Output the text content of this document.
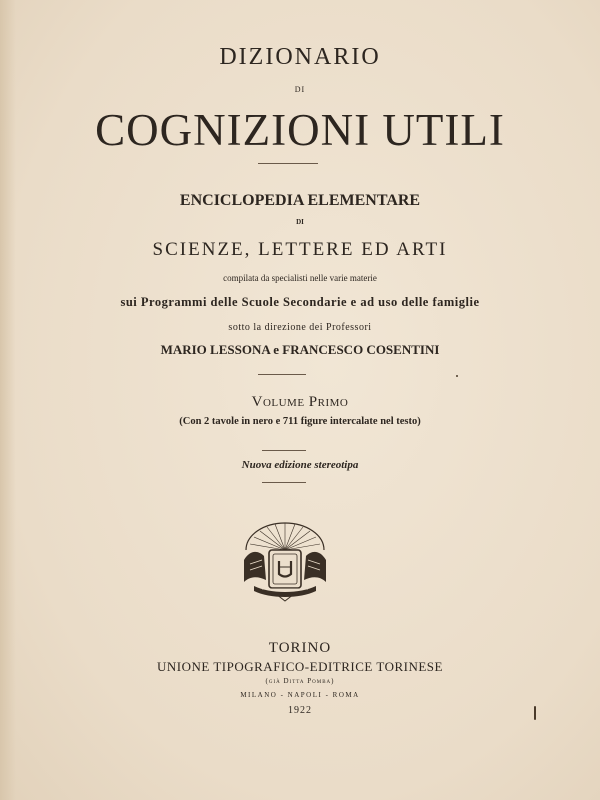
DIZIONARIO
DI
COGNIZIONI UTILI
ENCICLOPEDIA ELEMENTARE
DI
SCIENZE, LETTERE ED ARTI
compilata da specialisti nelle varie materie
sui Programmi delle Scuole Secondarie e ad uso delle famiglie
sotto la direzione dei Professori
MARIO LESSONA e FRANCESCO COSENTINI
Volume Primo
(Con 2 tavole in nero e 711 figure intercalate nel testo)
Nuova edizione stereotipa
TORINO
UNIONE TIPOGRAFICO-EDITRICE TORINESE
(già Ditta Pomba)
MILANO - NAPOLI - ROMA
1922
